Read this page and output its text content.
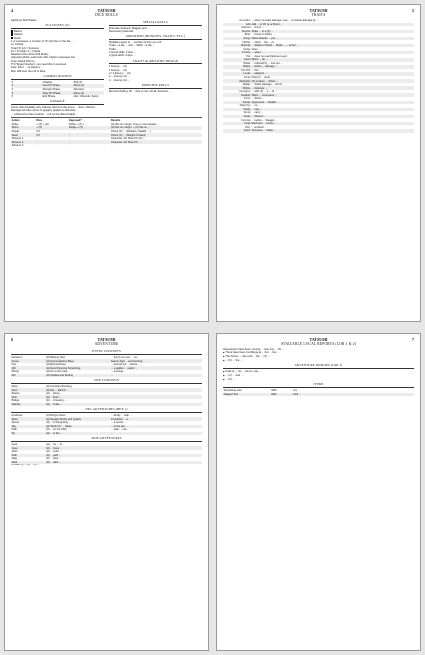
4	TATSUMI
DICE ROLLS
High/Low Roll Stakes
SUCCESSES (X)
Basics
Default
Good
1-3 successes: a number of (X) (H) hits on the die ...
4+ Critical
Total (X) (H) = Success
10 = Trouble; 6 = Critical
Reaction Dice (Dice Roll Mods)
Opposing Rolls: each side rolls; higher successes win.
Trap: Attack Roll vs. ...
TN (Target Number): you need this to succeed.
Fate: Don't ... of player's ...
Mal: 2d6 over the roll of Dice.
COMBAT ROUNDS
1	Initiative	Roll (X)
2	Fast PC Phase	Move (A)
3	Monster Phase	Monsters
4	Slow PC Phase	Move (A)
5	End Phase	Hits / Wounds / Items
DAMAGE
Armor with durability only reduces the hit to the armor ... Stun / Wound ...
Damage left after armor is applied, applies to Wounds.
... a Wound to that Location ... roll on the Wound table ...
SPECIAL ROLLS
Dramatic Setback: Stagger and ...
Recovering Wounds
MODIFIERS (BONUSES, TRAITS, ETC.)
Modifiers apply to ... number of dice you roll.
Traits: +1 die ... and ... Skills: +1 die ...
Traits: ...
4 Good skills: 3 dice ...
4 good skills: 3 dice ...
TRAITS & ABILITIES DESIGN
1 Enemy ... (A)
1 Enemy ... (A)
2 / 3 Enemy ... (A)
3 ... Enemy (A) ...
4 ... Enemy (A) ...
MONSTER ROLLS
Monster Rolling: fill ... dice to roll; roll all monsters ...
Action	Dice	Opposed?	Results
Strike	+ (X) + (H)	Strike + (X) + ...	(H) hits on margin. One or more targets ...
Shoot	+ (X)	Dodge + (X)	(H) hits on margin. + (X) hits on ...
Sneak	(X)	-	Check (X) ... (Athletics, Stealth, ...)
Steal	(X)	-	Check (X) ... (Sleight of Hand)
Scheme 1	-	-	Character roll: Slow PC (X) / ...
Scheme 2	-	-	Character roll: Slow PC ...
Scheme 3	-	-	...
5
TATSUMI
TRAITS
Acrobatics	... when you take damage, may ... to reduce damage by ...
Aim	Add ... to (X) on a Shoot ...
Armored	... Armor ...
Brawler	Strike ... to a (X) ...
Brute	... bonus to Strike ...
Charge	Shoot Attacks ... you. ...
Climber	... climb ... the ... of ...
Defender	... Shield or Shoot ... Strike ... ... armor ...
Dodge	when ...
Evasive	... when ...
Fast	... does not use Defense Level.
Guard	When ... an ...
Healer	... reduced by ... one per ...
Hunter	... Action ... damage ...
Iron Will	... the ...
Leader	... adjacent ...
Lucky	Point of ... reroll ...
Marksman	(X) is taken ... Shoot ...
Mighty	... Strike Damage ... Armor ...
Nimble	... Defense ...
Perceptive	... with (X) ... a ... of ...
Resilient	When ... successes ...
Savvy	... Shoot ...
Sneaky	Opponents ... Stealth ...
Sharp Eye	... no ...
Steady	... may ...
Strong	... carry ...
Sturdy	... Wound ...
Tactician	... tactics ... Stagger ...
Tough	Maximum ... bonus ...
Wary	... Ambush ...
Zealot	Someone ... Strike ...
6	TATSUMI
ADVENTURE
EVENT CONCEPTS
Dendrum	(H) Missing Now	... they'll not ever ... no ...
Focus	(H) Surrounded by Bees	Seems high ... and buzzing ...
Fire	(H) Burned Down	... burned out ... before ...
Gift	(H) Good Opening Something	... a golden ... useful ...
Rising	(H) Go to the Lake	... evening ...
Rot	(H) Spoiled and Rotting	...
SITE CONCEPTS
Shop	(H) Constant Shouting
Farm	(H) Set ... Ranch ...
Ravine	(H) ... Deep ...
Ruin	(H) ... Ruin ...
Bridge	(H) ... Crossing ...
Wander	(H) ... Trails ...
NPC ADVENTURES (HEX 1)
Kindness	(H) Brings Cheer	... kindly ... help ...
Drive	(H) Speaks Slowly and Quietly	A troubled ... a ...
Secret	(H) ... of Pregnancy	... a secret ...
Sky	(H) 'Rock On' ... Steps	... in the sky ...
Path	(H) ... on the Path	... path ... one ...
Fly	(H) ... in the ...	...
SIDE ADVENTURES
Goal	(H) ... for ... of ...
Cave	(H) ... Cave ...
Spirit	(H) ... spirit ...
Path	(H) ... path ...
Stag	(H) ... deer ...
Dark	(H) ... dark ...
Hit Rate (X) ... (X) ... (X) ...
7
TATSUMI
AVAILABLE LOCAL REPORTS (LOR 1 & 2)
Adventurers have been coming ... now, but ... (X) ...
◆ There have been rumblings at ... but ... the ...
◆ The farmer ... has a bit ... the ... (X) ...
◆ ... (X) ... the ...
ADVENTURE RUMORS (LOR 1)
◆ Craft or ... (X) ... Items; may ...
◆ ... (X) ... and ...
◆ ... (X) ...
ITEMS
Something else	NR2	... (X) ...
Magical Tool	NR2	... Pick ...
